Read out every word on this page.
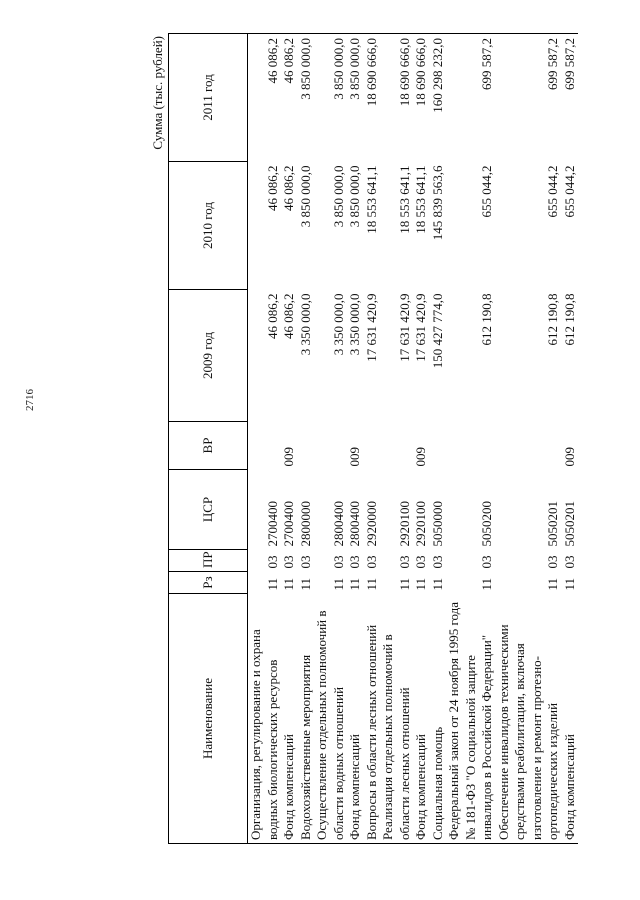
2716
Сумма (тыс. рублей)
Наименование	Рз	ПР	ЦСР	ВР	2009 год	2010 год	2011 год
Организация, регулирование и охрана водных биологических ресурсов	11	03	2700400		46 086,2	46 086,2	46 086,2
Фонд компенсаций	11	03	2700400	009	46 086,2	46 086,2	46 086,2
Водохозяйственные мероприятия	11	03	2800000		3 350 000,0	3 850 000,0	3 850 000,0
Осуществление отдельных полномочий в области водных отношений	11	03	2800400		3 350 000,0	3 850 000,0	3 850 000,0
Фонд компенсаций	11	03	2800400	009	3 350 000,0	3 850 000,0	3 850 000,0
Вопросы в области лесных отношений	11	03	2920000		17 631 420,9	18 553 641,1	18 690 666,0
Реализация отдельных полномочий в области лесных отношений	11	03	2920100		17 631 420,9	18 553 641,1	18 690 666,0
Фонд компенсаций	11	03	2920100	009	17 631 420,9	18 553 641,1	18 690 666,0
Социальная помощь	11	03	5050000		150 427 774,0	145 839 563,6	160 298 232,0
Федеральный закон от 24 ноября 1995 года № 181-ФЗ "О социальной защите инвалидов в Российской Федерации"	11	03	5050200		612 190,8	655 044,2	699 587,2
Обеспечение инвалидов техническими средствами реабилитации, включая изготовление и ремонт протезно-ортопедических изделий	11	03	5050201		612 190,8	655 044,2	699 587,2
Фонд компенсаций	11	03	5050201	009	612 190,8	655 044,2	699 587,2
